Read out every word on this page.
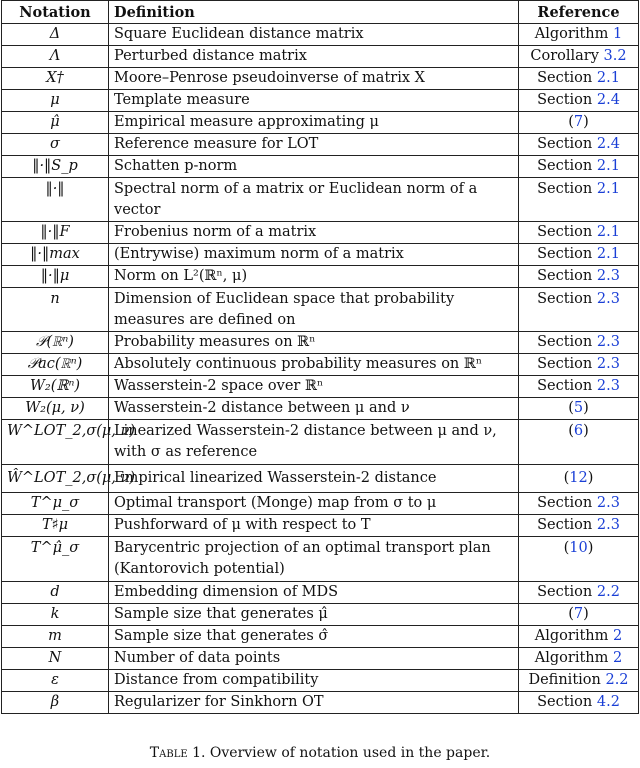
Notation	Definition	Reference
Δ	Square Euclidean distance matrix	Algorithm 1
Λ	Perturbed distance matrix	Corollary 3.2
X†	Moore–Penrose pseudoinverse of matrix X	Section 2.1
μ	Template measure	Section 2.4
μ̂	Empirical measure approximating μ	(7)
σ	Reference measure for LOT	Section 2.4
‖·‖S_p	Schatten p-norm	Section 2.1
‖·‖	Spectral norm of a matrix or Euclidean norm of a vector	Section 2.1
‖·‖F	Frobenius norm of a matrix	Section 2.1
‖·‖max	(Entrywise) maximum norm of a matrix	Section 2.1
‖·‖μ	Norm on L²(ℝⁿ, μ)	Section 2.3
n	Dimension of Euclidean space that probability measures are defined on	Section 2.3
𝒫(ℝⁿ)	Probability measures on ℝⁿ	Section 2.3
𝒫ac(ℝⁿ)	Absolutely continuous probability measures on ℝⁿ	Section 2.3
W₂(ℝⁿ)	Wasserstein-2 space over ℝⁿ	Section 2.3
W₂(μ, ν)	Wasserstein-2 distance between μ and ν	(5)
W^LOT_2,σ(μ, ν)	Linearized Wasserstein-2 distance between μ and ν, with σ as reference	(6)
Ŵ^LOT_2,σ(μ, ν)	Empirical linearized Wasserstein-2 distance	(12)
T^μ_σ	Optimal transport (Monge) map from σ to μ	Section 2.3
T♯μ	Pushforward of μ with respect to T	Section 2.3
T^μ̂_σ	Barycentric projection of an optimal transport plan (Kantorovich potential)	(10)
d	Embedding dimension of MDS	Section 2.2
k	Sample size that generates μ̂	(7)
m	Sample size that generates σ̂	Algorithm 2
N	Number of data points	Algorithm 2
ε	Distance from compatibility	Definition 2.2
β	Regularizer for Sinkhorn OT	Section 4.2
Table 1. Overview of notation used in the paper.
